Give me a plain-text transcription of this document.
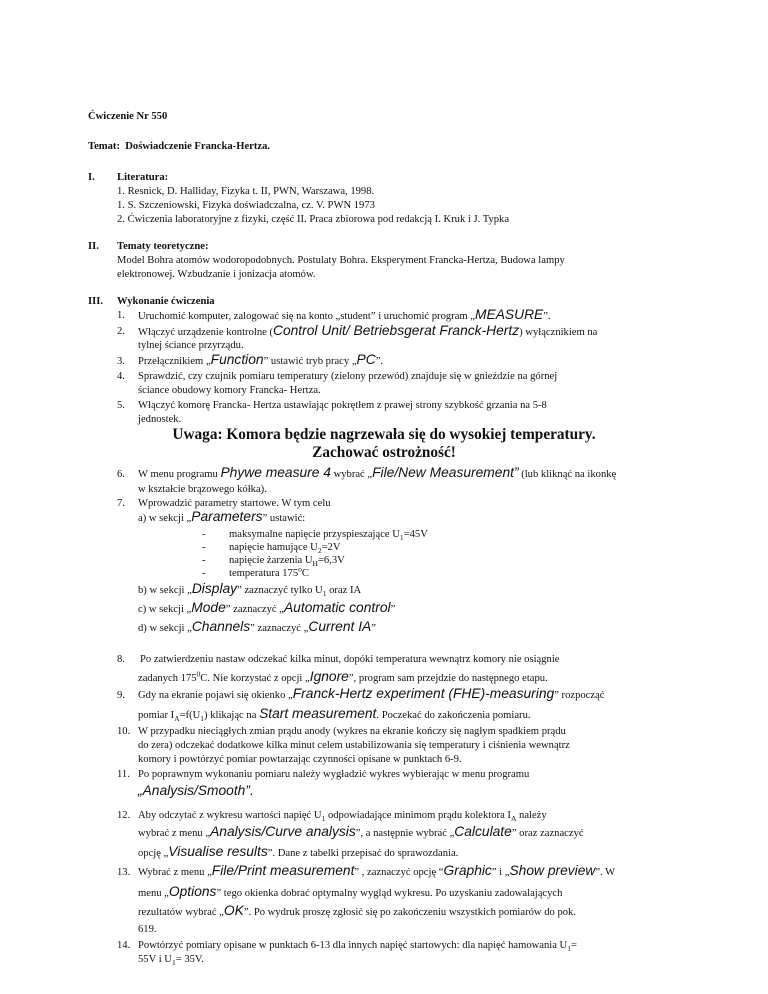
Ćwiczenie Nr 550
Temat: Doświadczenie Francka-Hertza.
I. Literatura:
1. Resnick, D. Halliday, Fizyka t. II, PWN, Warszawa, 1998.
1. S. Szczeniowski, Fizyka doświadczalna, cz. V. PWN 1973
2. Ćwiczenia laboratoryjne z fizyki, część II. Praca zbiorowa pod redakcją I. Kruk i J. Typka
II. Tematy teoretyczne:
Model Bohra atomów wodoropodobnych. Postulaty Bohra. Eksperyment Francka-Hertza, Budowa lampy
elektronowej. Wzbudzanie i jonizacja atomów.
III. Wykonanie ćwiczenia
1. Uruchomić komputer, zalogować się na konto „student” i uruchomić program „MEASURE”.
2. Włączyć urządzenie kontrolne (Control Unit/ Betriebsgerat Franck-Hertz) wyłącznikiem na
tylnej ściance przyrządu.
3. Przełącznikiem „Function” ustawić tryb pracy „PC”.
4. Sprawdzić, czy czujnik pomiaru temperatury (zielony przewód) znajduje się w gnieździe na górnej
ściance obudowy komory Francka- Hertza.
5. Włączyć komorę Francka- Hertza ustawiając pokrętłem z prawej strony szybkość grzania na 5-8
jednostek.
Uwaga: Komora będzie nagrzewała się do wysokiej temperatury.
Zachować ostrożność!
6. W menu programu Phywe measure 4 wybrać „File/New Measurement” (lub kliknąć na ikonkę
w kształcie brązowego kółka).
7. Wprowadzić parametry startowe. W tym celu
a) w sekcji „Parameters” ustawić:
- maksymalne napięcie przyspieszające $U_1=45V$
- napięcie hamujące $U_2=2V$
- napięcie żarzenia $U_H=6,3V$
- temperatura 175$^o$C
b) w sekcji „Display” zaznaczyć tylko $U_1$ oraz IA
c) w sekcji „Mode” zaznaczyć „Automatic control”
d) w sekcji „Channels” zaznaczyć „Current IA”
8. Po zatwierdzeniu nastaw odczekać kilka minut, dopóki temperatura wewnątrz komory nie osiągnie
zadanych $175^0C$. Nie korzystać z opcji „Ignore”, program sam przejdzie do następnego etapu.
9. Gdy na ekranie pojawi się okienko „Franck-Hertz experiment (FHE)-measuring” rozpocząć
pomiar $I_A=f(U_1)$ klikając na Start measurement. Poczekać do zakończenia pomiaru.
10. W przypadku nieciągłych zmian prądu anody (wykres na ekranie kończy się nagłym spadkiem prądu
do zera) odczekać dodatkowe kilka minut celem ustabilizowania się temperatury i ciśnienia wewnątrz
komory i powtórzyć pomiar powtarzając czynności opisane w punktach 6-9.
11. Po poprawnym wykonaniu pomiaru należy wygładzić wykres wybierając w menu programu
„Analysis/Smooth”.
12. Aby odczytać z wykresu wartości napięć $U_1$ odpowiadające minimom prądu kolektora $I_A$ należy
wybrać z menu „Analysis/Curve analysis”, a następnie wybrać „Calculate” oraz zaznaczyć
opcję „Visualise results”. Dane z tabelki przepisać do sprawozdania.
13. Wybrać z menu „File/Print measurement” , zaznaczyć opcję “Graphic” i „Show preview”. W
menu „Options” tego okienka dobrać optymalny wygląd wykresu. Po uzyskaniu zadowalających
rezultatów wybrać „OK”. Po wydruk proszę zgłosić się po zakończeniu wszystkich pomiarów do pok.
619.
14. Powtórzyć pomiary opisane w punktach 6-13 dla innych napięć startowych: dla napięć hamowania $U_1=$
55V i $U_1= 35V$.
